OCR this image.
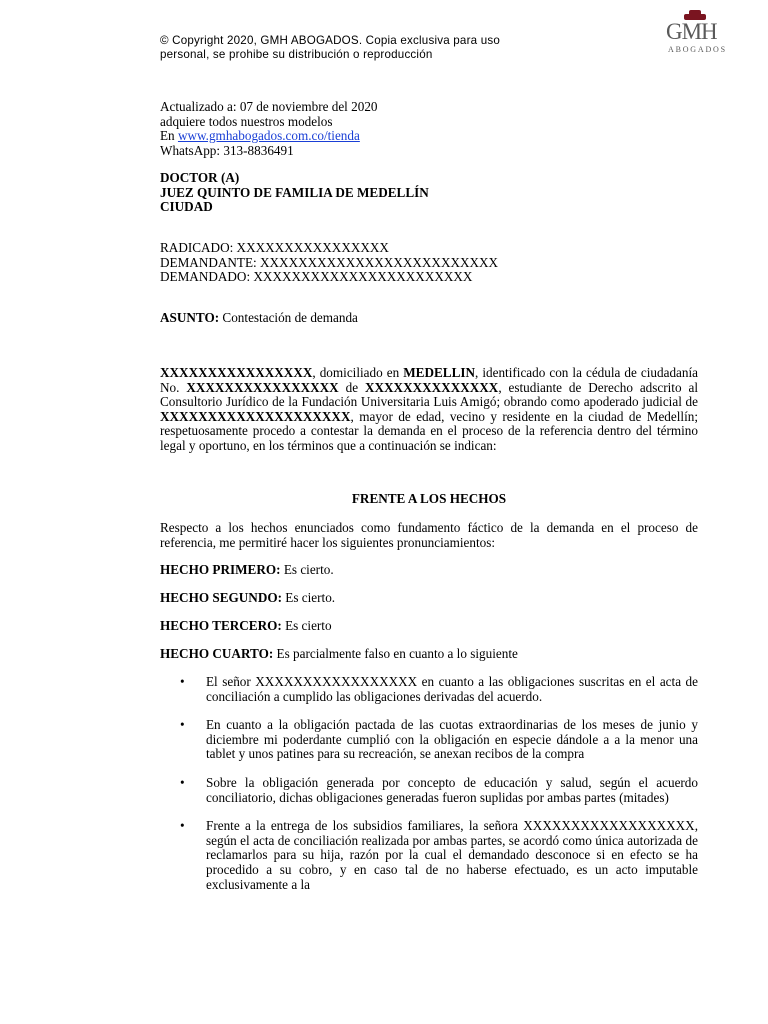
© Copyright 2020, GMH ABOGADOS. Copia exclusiva para uso
personal, se prohibe su distribución o reproducción
GMH
ABOGADOS
Actualizado a: 07 de noviembre del 2020
adquiere todos nuestros modelos
En www.gmhabogados.com.co/tienda
WhatsApp: 313-8836491
DOCTOR (A)
JUEZ QUINTO DE FAMILIA DE MEDELLÍN
CIUDAD
RADICADO: XXXXXXXXXXXXXXXX
DEMANDANTE: XXXXXXXXXXXXXXXXXXXXXXXXX
DEMANDADO: XXXXXXXXXXXXXXXXXXXXXXX
ASUNTO: Contestación de demanda
XXXXXXXXXXXXXXXX, domiciliado en MEDELLIN, identificado con la cédula de ciudadanía No. XXXXXXXXXXXXXXXX de XXXXXXXXXXXXXX, estudiante de Derecho adscrito al Consultorio Jurídico de la Fundación Universitaria Luis Amigó; obrando como apoderado judicial de XXXXXXXXXXXXXXXXXXXX, mayor de edad, vecino y residente en la ciudad de Medellín; respetuosamente procedo a contestar la demanda en el proceso de la referencia dentro del término legal y oportuno, en los términos que a continuación se indican:
FRENTE A LOS HECHOS
Respecto a los hechos enunciados como fundamento fáctico de la demanda en el proceso de referencia, me permitiré hacer los siguientes pronunciamientos:
HECHO PRIMERO: Es cierto.
HECHO SEGUNDO: Es cierto.
HECHO TERCERO: Es cierto
HECHO CUARTO: Es parcialmente falso en cuanto a lo siguiente
• El señor XXXXXXXXXXXXXXXXX en cuanto a las obligaciones suscritas en el acta de conciliación a cumplido las obligaciones derivadas del acuerdo.
• En cuanto a la obligación pactada de las cuotas extraordinarias de los meses de junio y diciembre mi poderdante cumplió con la obligación en especie dándole a a la menor una tablet y unos patines para su recreación, se anexan recibos de la compra
• Sobre la obligación generada por concepto de educación y salud, según el acuerdo conciliatorio, dichas obligaciones generadas fueron suplidas por ambas partes (mitades)
• Frente a la entrega de los subsidios familiares, la señora XXXXXXXXXXXXXXXXXX, según el acta de conciliación realizada por ambas partes, se acordó como única autorizada de reclamarlos para su hija, razón por la cual el demandado desconoce si en efecto se ha procedido a su cobro, y en caso tal de no haberse efectuado, es un acto imputable exclusivamente a la
